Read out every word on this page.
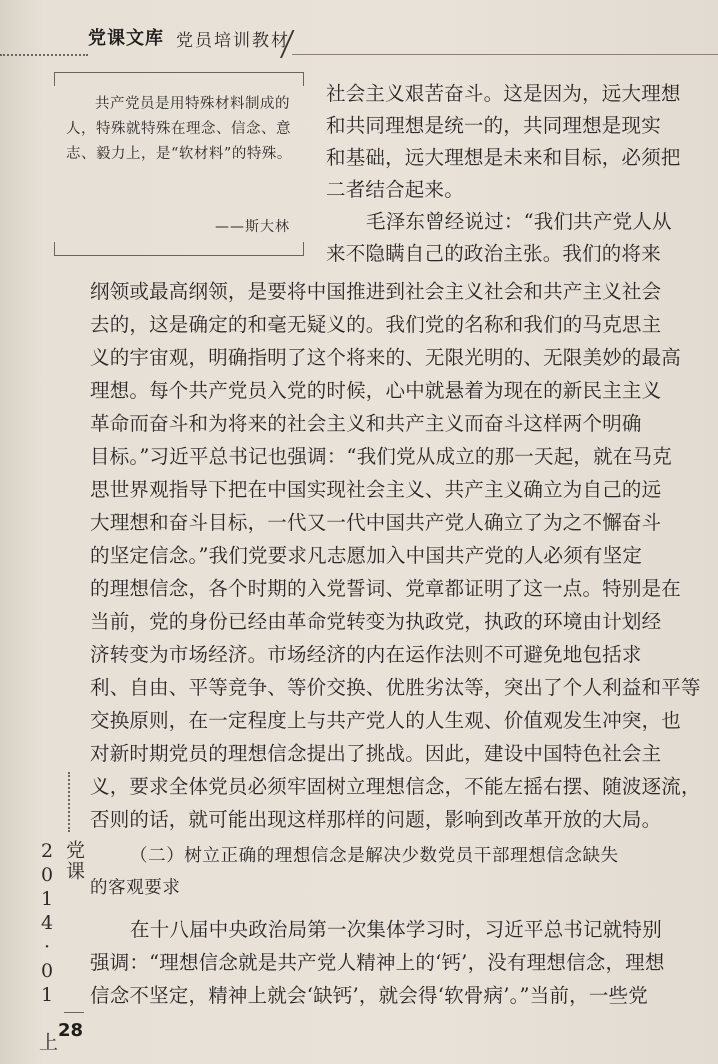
党课文库 党员培训教材
共产党员是用特殊材料制成的人，特殊就特殊在理念、信念、意志、毅力上，是“软材料”的特殊。
——斯大林
社会主义艰苦奋斗。这是因为，远大理想
和共同理想是统一的，共同理想是现实
和基础，远大理想是未来和目标，必须把
二者结合起来。
毛泽东曾经说过：“我们共产党人从
来不隐瞒自己的政治主张。我们的将来
纲领或最高纲领，是要将中国推进到社会主义社会和共产主义社会
去的，这是确定的和毫无疑义的。我们党的名称和我们的马克思主
义的宇宙观，明确指明了这个将来的、无限光明的、无限美妙的最高
理想。每个共产党员入党的时候，心中就悬着为现在的新民主主义
革命而奋斗和为将来的社会主义和共产主义而奋斗这样两个明确
目标。”习近平总书记也强调：“我们党从成立的那一天起，就在马克
思世界观指导下把在中国实现社会主义、共产主义确立为自己的远
大理想和奋斗目标，一代又一代中国共产党人确立了为之不懈奋斗
的坚定信念。”我们党要求凡志愿加入中国共产党的人必须有坚定
的理想信念，各个时期的入党誓词、党章都证明了这一点。特别是在
当前，党的身份已经由革命党转变为执政党，执政的环境由计划经
济转变为市场经济。市场经济的内在运作法则不可避免地包括求
利、自由、平等竞争、等价交换、优胜劣汰等，突出了个人利益和平等
交换原则，在一定程度上与共产党人的人生观、价值观发生冲突，也
对新时期党员的理想信念提出了挑战。因此，建设中国特色社会主
义，要求全体党员必须牢固树立理想信念，不能左摇右摆、随波逐流，
否则的话，就可能出现这样那样的问题，影响到改革开放的大局。
（二）树立正确的理想信念是解决少数党员干部理想信念缺失
的客观要求
在十八届中央政治局第一次集体学习时，习近平总书记就特别
强调：“理想信念就是共产党人精神上的‘钙’，没有理想信念，理想
信念不坚定，精神上就会‘缺钙’，就会得‘软骨病’。”当前，一些党
党课 2014·01 上 28
